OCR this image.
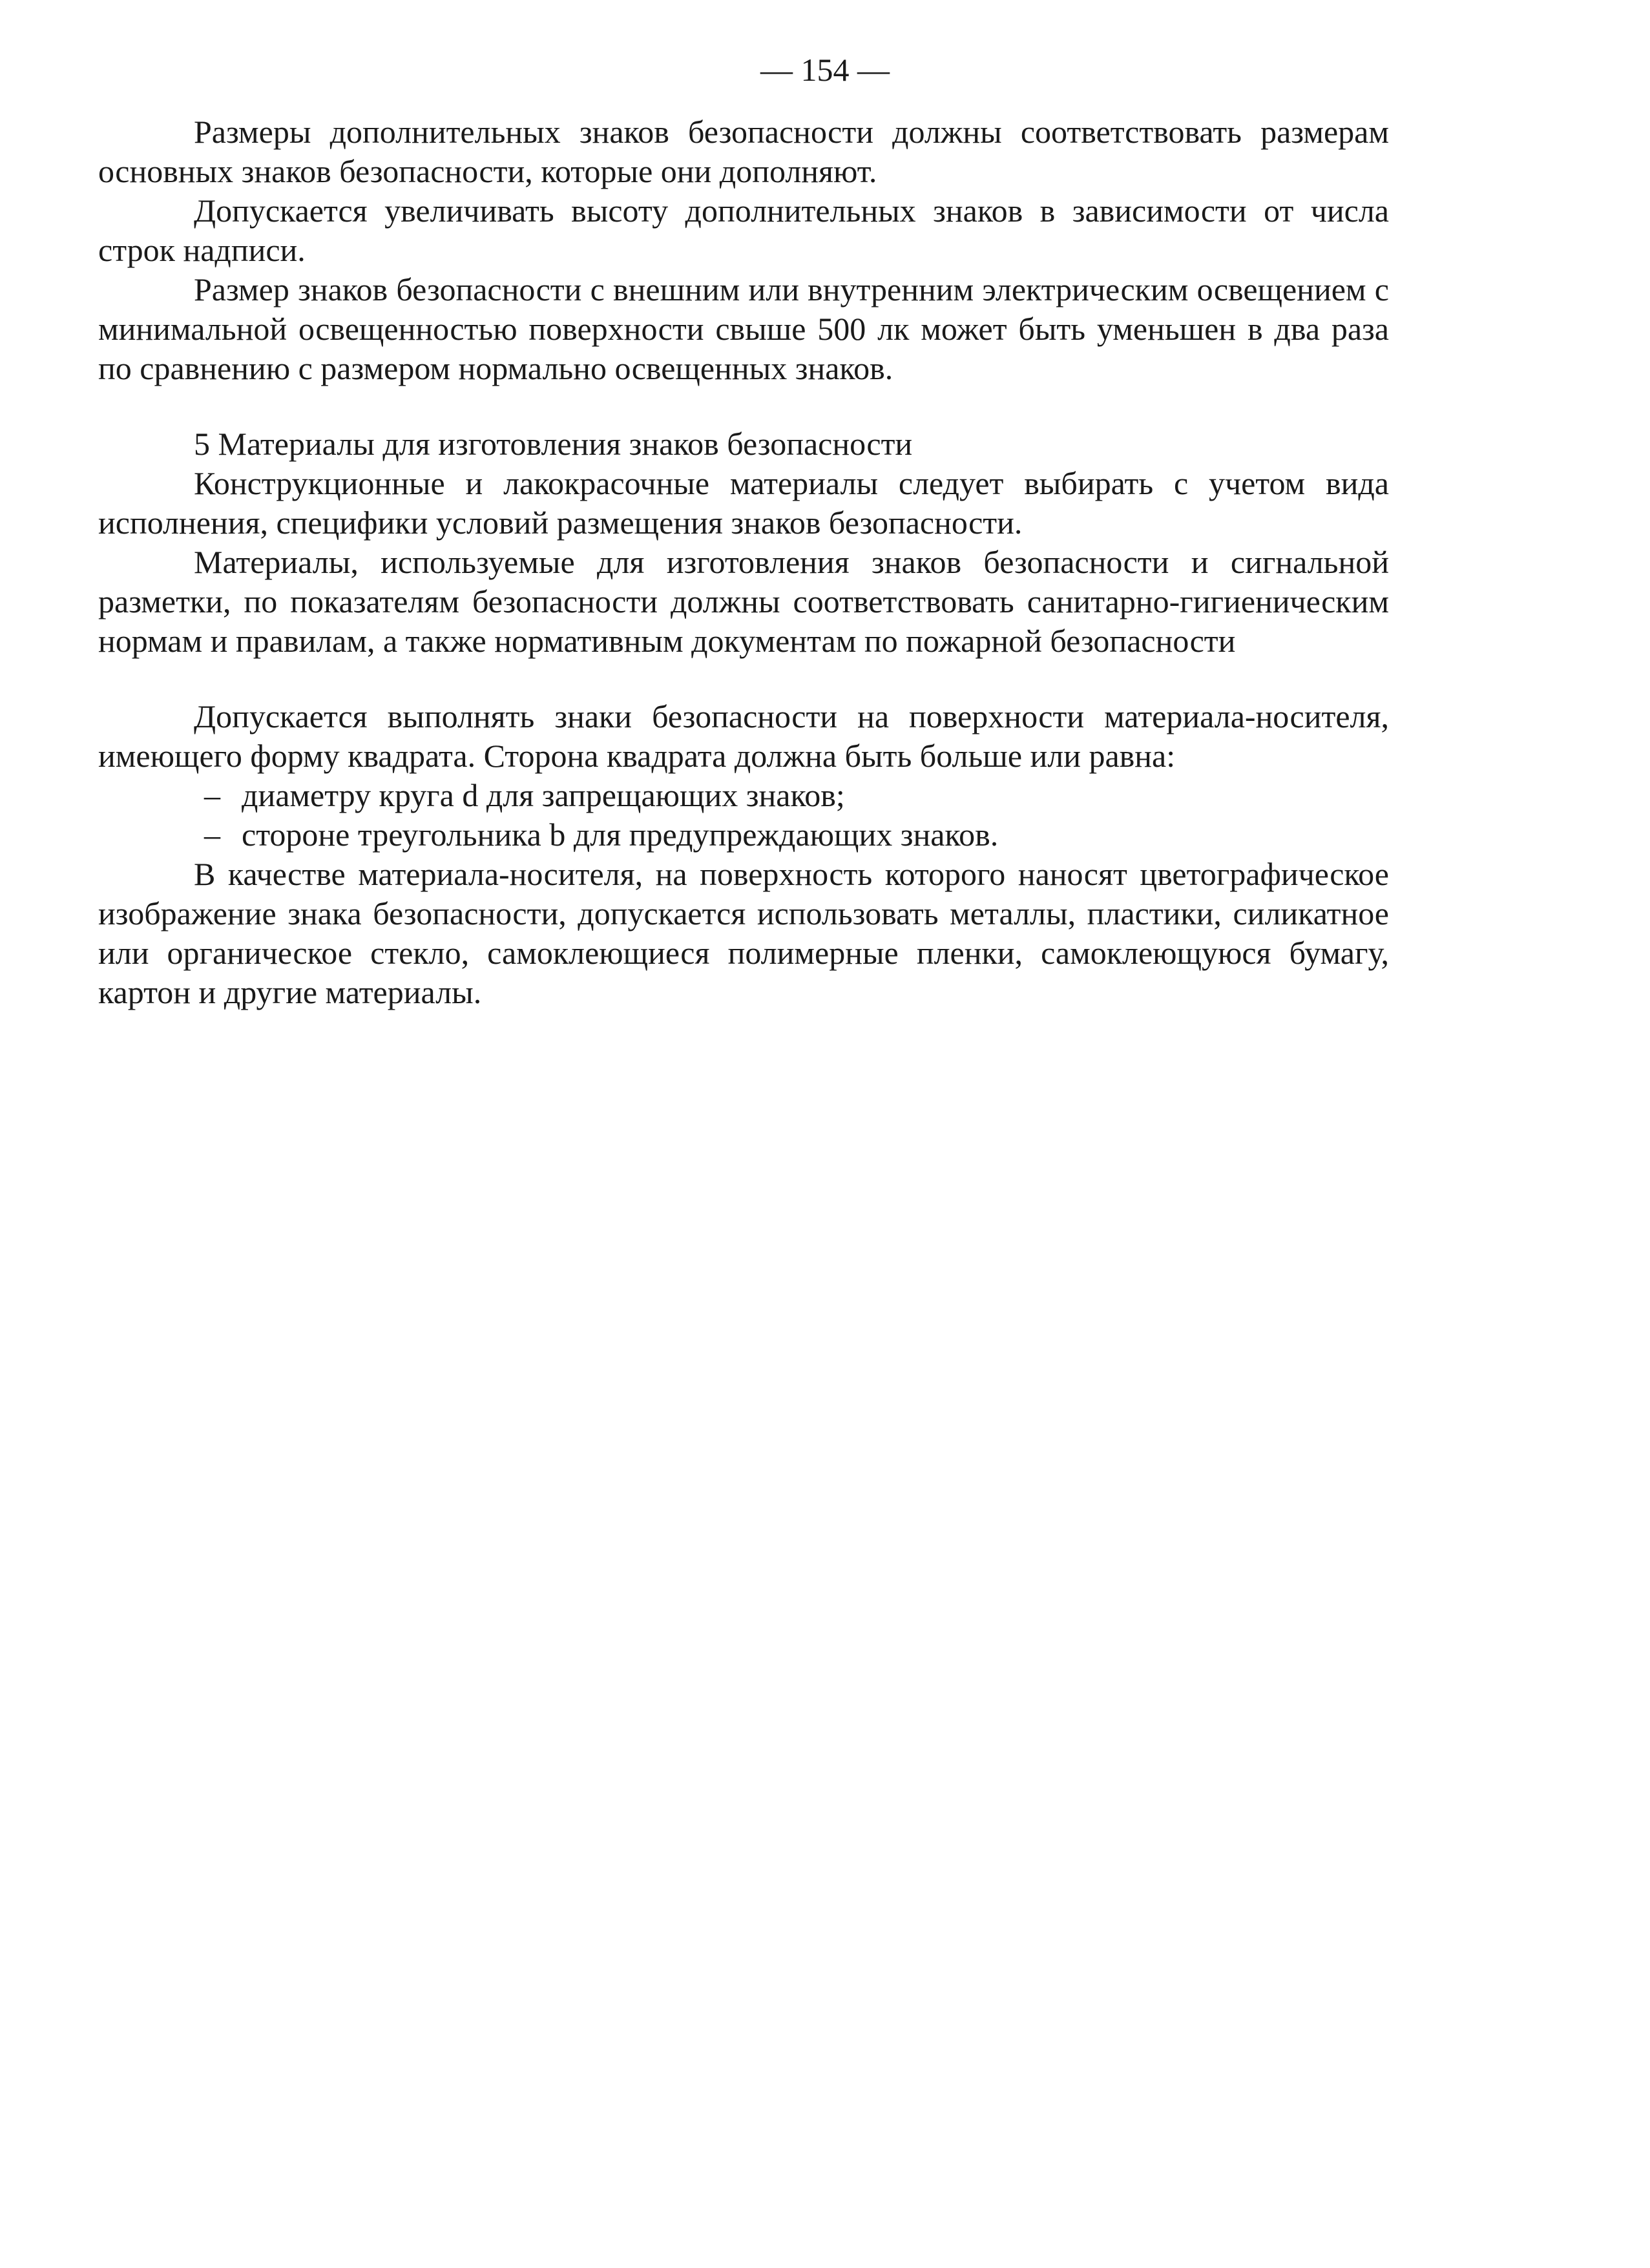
— 154 —

Размеры дополнительных знаков безопасности должны соответствовать размерам основных знаков безопасности, которые они дополняют.

Допускается увеличивать высоту дополнительных знаков в зависимости от числа строк надписи.

Размер знаков безопасности с внешним или внутренним электрическим освещением с минимальной освещенностью поверхности свыше 500 лк может быть уменьшен в два раза по сравнению с размером нормально освещенных знаков.

5 Материалы для изготовления знаков безопасности

Конструкционные и лакокрасочные материалы следует выбирать с учетом вида исполнения, специфики условий размещения знаков безопасности.

Материалы, используемые для изготовления знаков безопасности и сигнальной разметки, по показателям безопасности должны соответствовать санитарно-гигиеническим нормам и правилам, а также нормативным документам по пожарной безопасности

Допускается выполнять знаки безопасности на поверхности материала-носителя, имеющего форму квадрата. Сторона квадрата должна быть больше или равна:

– диаметру круга d для запрещающих знаков;
– стороне треугольника b для предупреждающих знаков.

В качестве материала-носителя, на поверхность которого наносят цветографическое изображение знака безопасности, допускается использовать металлы, пластики, силикатное или органическое стекло, самоклеющиеся полимерные пленки, самоклеющуюся бумагу, картон и другие материалы.
